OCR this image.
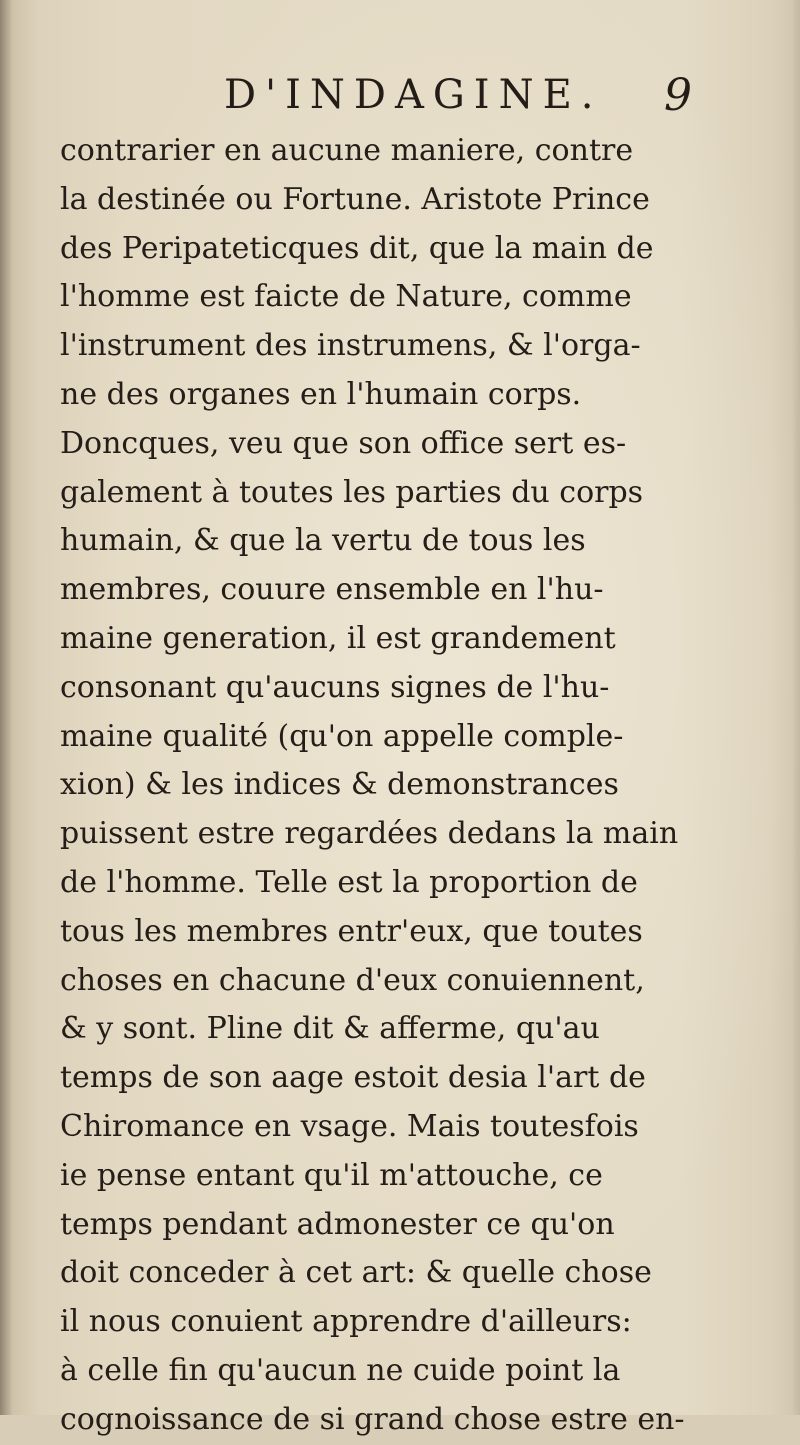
D'INDAGINE. 9
contrarier en aucune maniere, contre
la destinée ou Fortune. Aristote Prince
des Peripateticques dit, que la main de
l'homme est faicte de Nature, comme
l'instrument des instrumens, & l'orga-
ne des organes en l'humain corps.
Doncques, veu que son office sert es-
galement à toutes les parties du corps
humain, & que la vertu de tous les
membres, couure ensemble en l'hu-
maine generation, il est grandement
consonant qu'aucuns signes de l'hu-
maine qualité (qu'on appelle comple-
xion) & les indices & demonstrances
puissent estre regardées dedans la main
de l'homme. Telle est la proportion de
tous les membres entr'eux, que toutes
choses en chacune d'eux conuiennent,
& y sont. Pline dit & afferme, qu'au
temps de son aage estoit desia l'art de
Chiromance en vsage. Mais toutesfois
ie pense entant qu'il m'attouche, ce
temps pendant admonester ce qu'on
doit conceder à cet art: & quelle chose
il nous conuient apprendre d'ailleurs:
à celle fin qu'aucun ne cuide point la
cognoissance de si grand chose estre en-
